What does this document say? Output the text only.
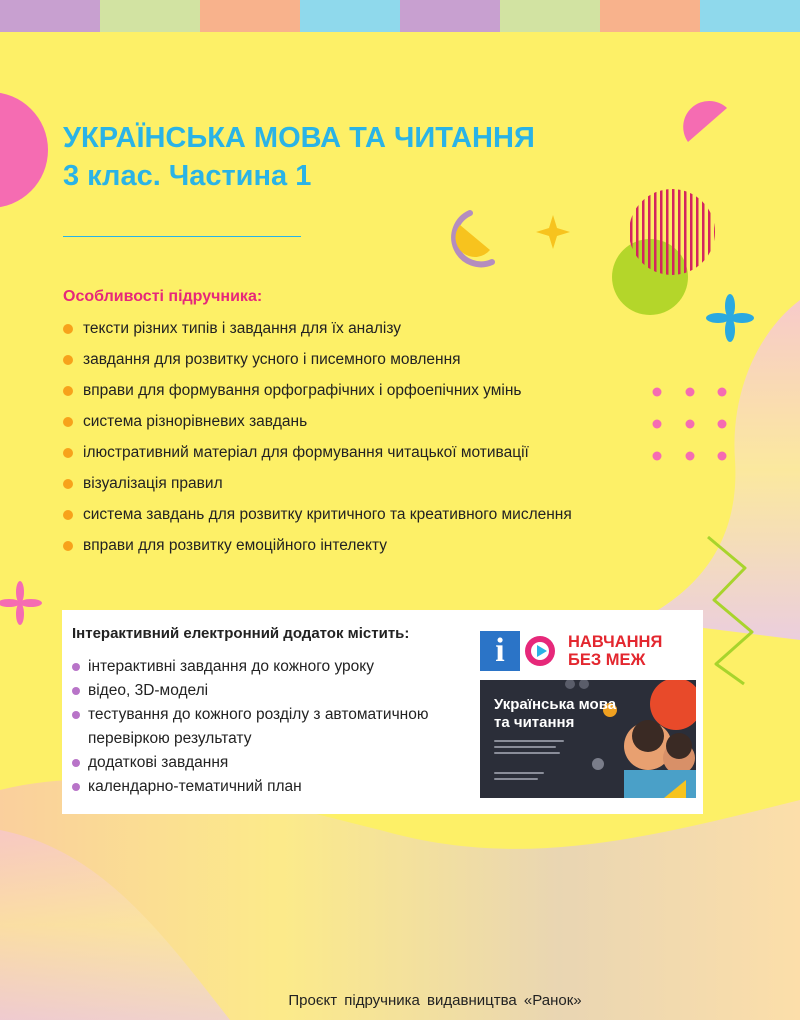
УКРАЇНСЬКА МОВА ТА ЧИТАННЯ
3 клас. Частина 1
Особливості підручника:
тексти різних типів і завдання для їх аналізу
завдання для розвитку усного і писемного мовлення
вправи для формування орфографічних і орфоепічних умінь
система різнорівневих завдань
ілюстративний матеріал для формування читацької мотивації
візуалізація правил
система завдань для розвитку критичного та креативного мислення
вправи для розвитку емоційного інтелекту
Інтерактивний електронний додаток містить:
інтерактивні завдання до кожного уроку
відео, 3D-моделі
тестування до кожного розділу з автоматичною перевіркою результату
додаткові завдання
календарно-тематичний план
i	НАВЧАННЯ
БЕЗ МЕЖ
Українська мова та читання

Проєкт підручника видавництва «Ранок»
